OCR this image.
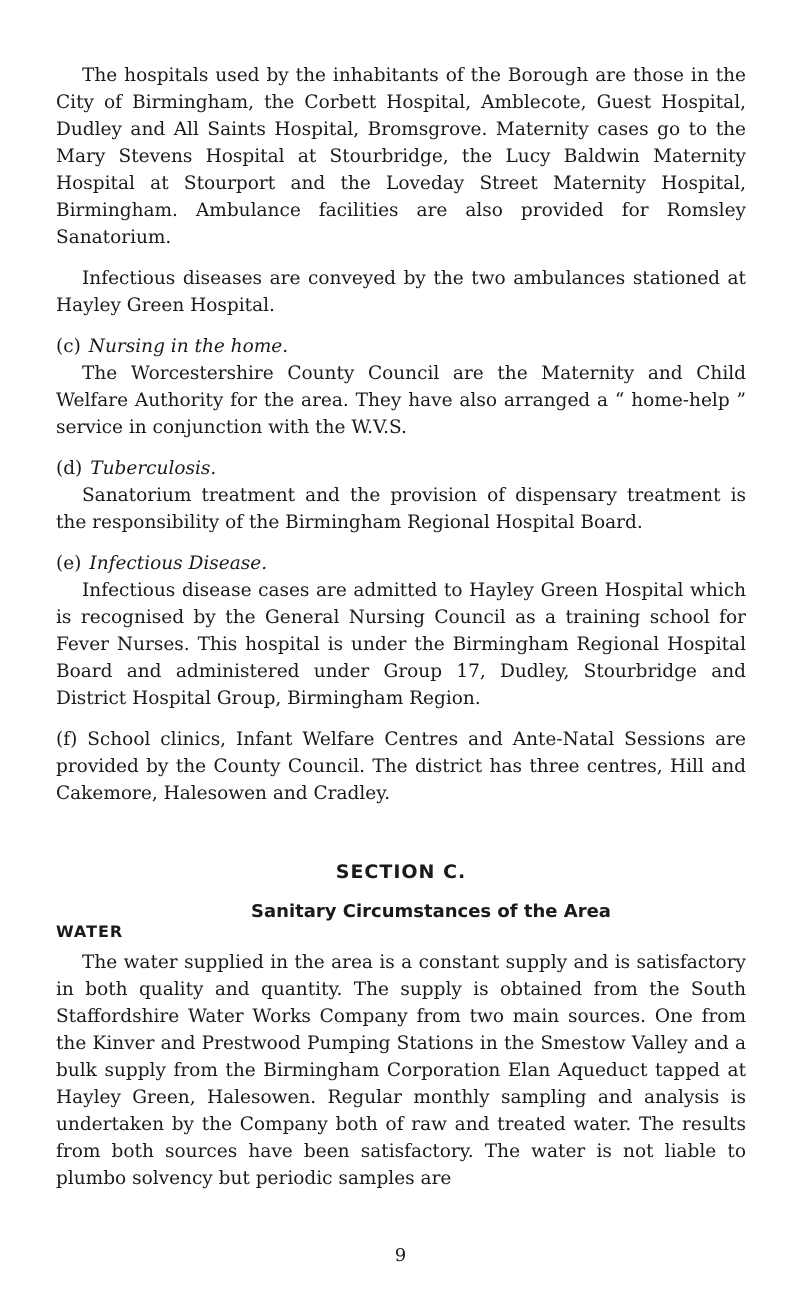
The hospitals used by the inhabitants of the Borough are those in the City of Birmingham, the Corbett Hospital, Amblecote, Guest Hospital, Dudley and All Saints Hospital, Bromsgrove. Maternity cases go to the Mary Stevens Hospital at Stourbridge, the Lucy Baldwin Maternity Hospital at Stourport and the Loveday Street Maternity Hospital, Birmingham. Ambulance facilities are also provided for Romsley Sanatorium.

Infectious diseases are conveyed by the two ambulances stationed at Hayley Green Hospital.

(c) Nursing in the home.

The Worcestershire County Council are the Maternity and Child Welfare Authority for the area. They have also arranged a “ home-help ” service in conjunction with the W.V.S.

(d) Tuberculosis.

Sanatorium treatment and the provision of dispensary treatment is the responsibility of the Birmingham Regional Hospital Board.

(e) Infectious Disease.

Infectious disease cases are admitted to Hayley Green Hospital which is recognised by the General Nursing Council as a training school for Fever Nurses. This hospital is under the Birmingham Regional Hospital Board and administered under Group 17, Dudley, Stourbridge and District Hospital Group, Birmingham Region.

(f) School clinics, Infant Welfare Centres and Ante-Natal Sessions are provided by the County Council. The district has three centres, Hill and Cakemore, Halesowen and Cradley.

SECTION C.

Sanitary Circumstances of the Area

WATER

The water supplied in the area is a constant supply and is satisfactory in both quality and quantity. The supply is obtained from the South Staffordshire Water Works Company from two main sources. One from the Kinver and Prestwood Pumping Stations in the Smestow Valley and a bulk supply from the Birmingham Corporation Elan Aqueduct tapped at Hayley Green, Halesowen. Regular monthly sampling and analysis is undertaken by the Company both of raw and treated water. The results from both sources have been satisfactory. The water is not liable to plumbo solvency but periodic samples are

9
